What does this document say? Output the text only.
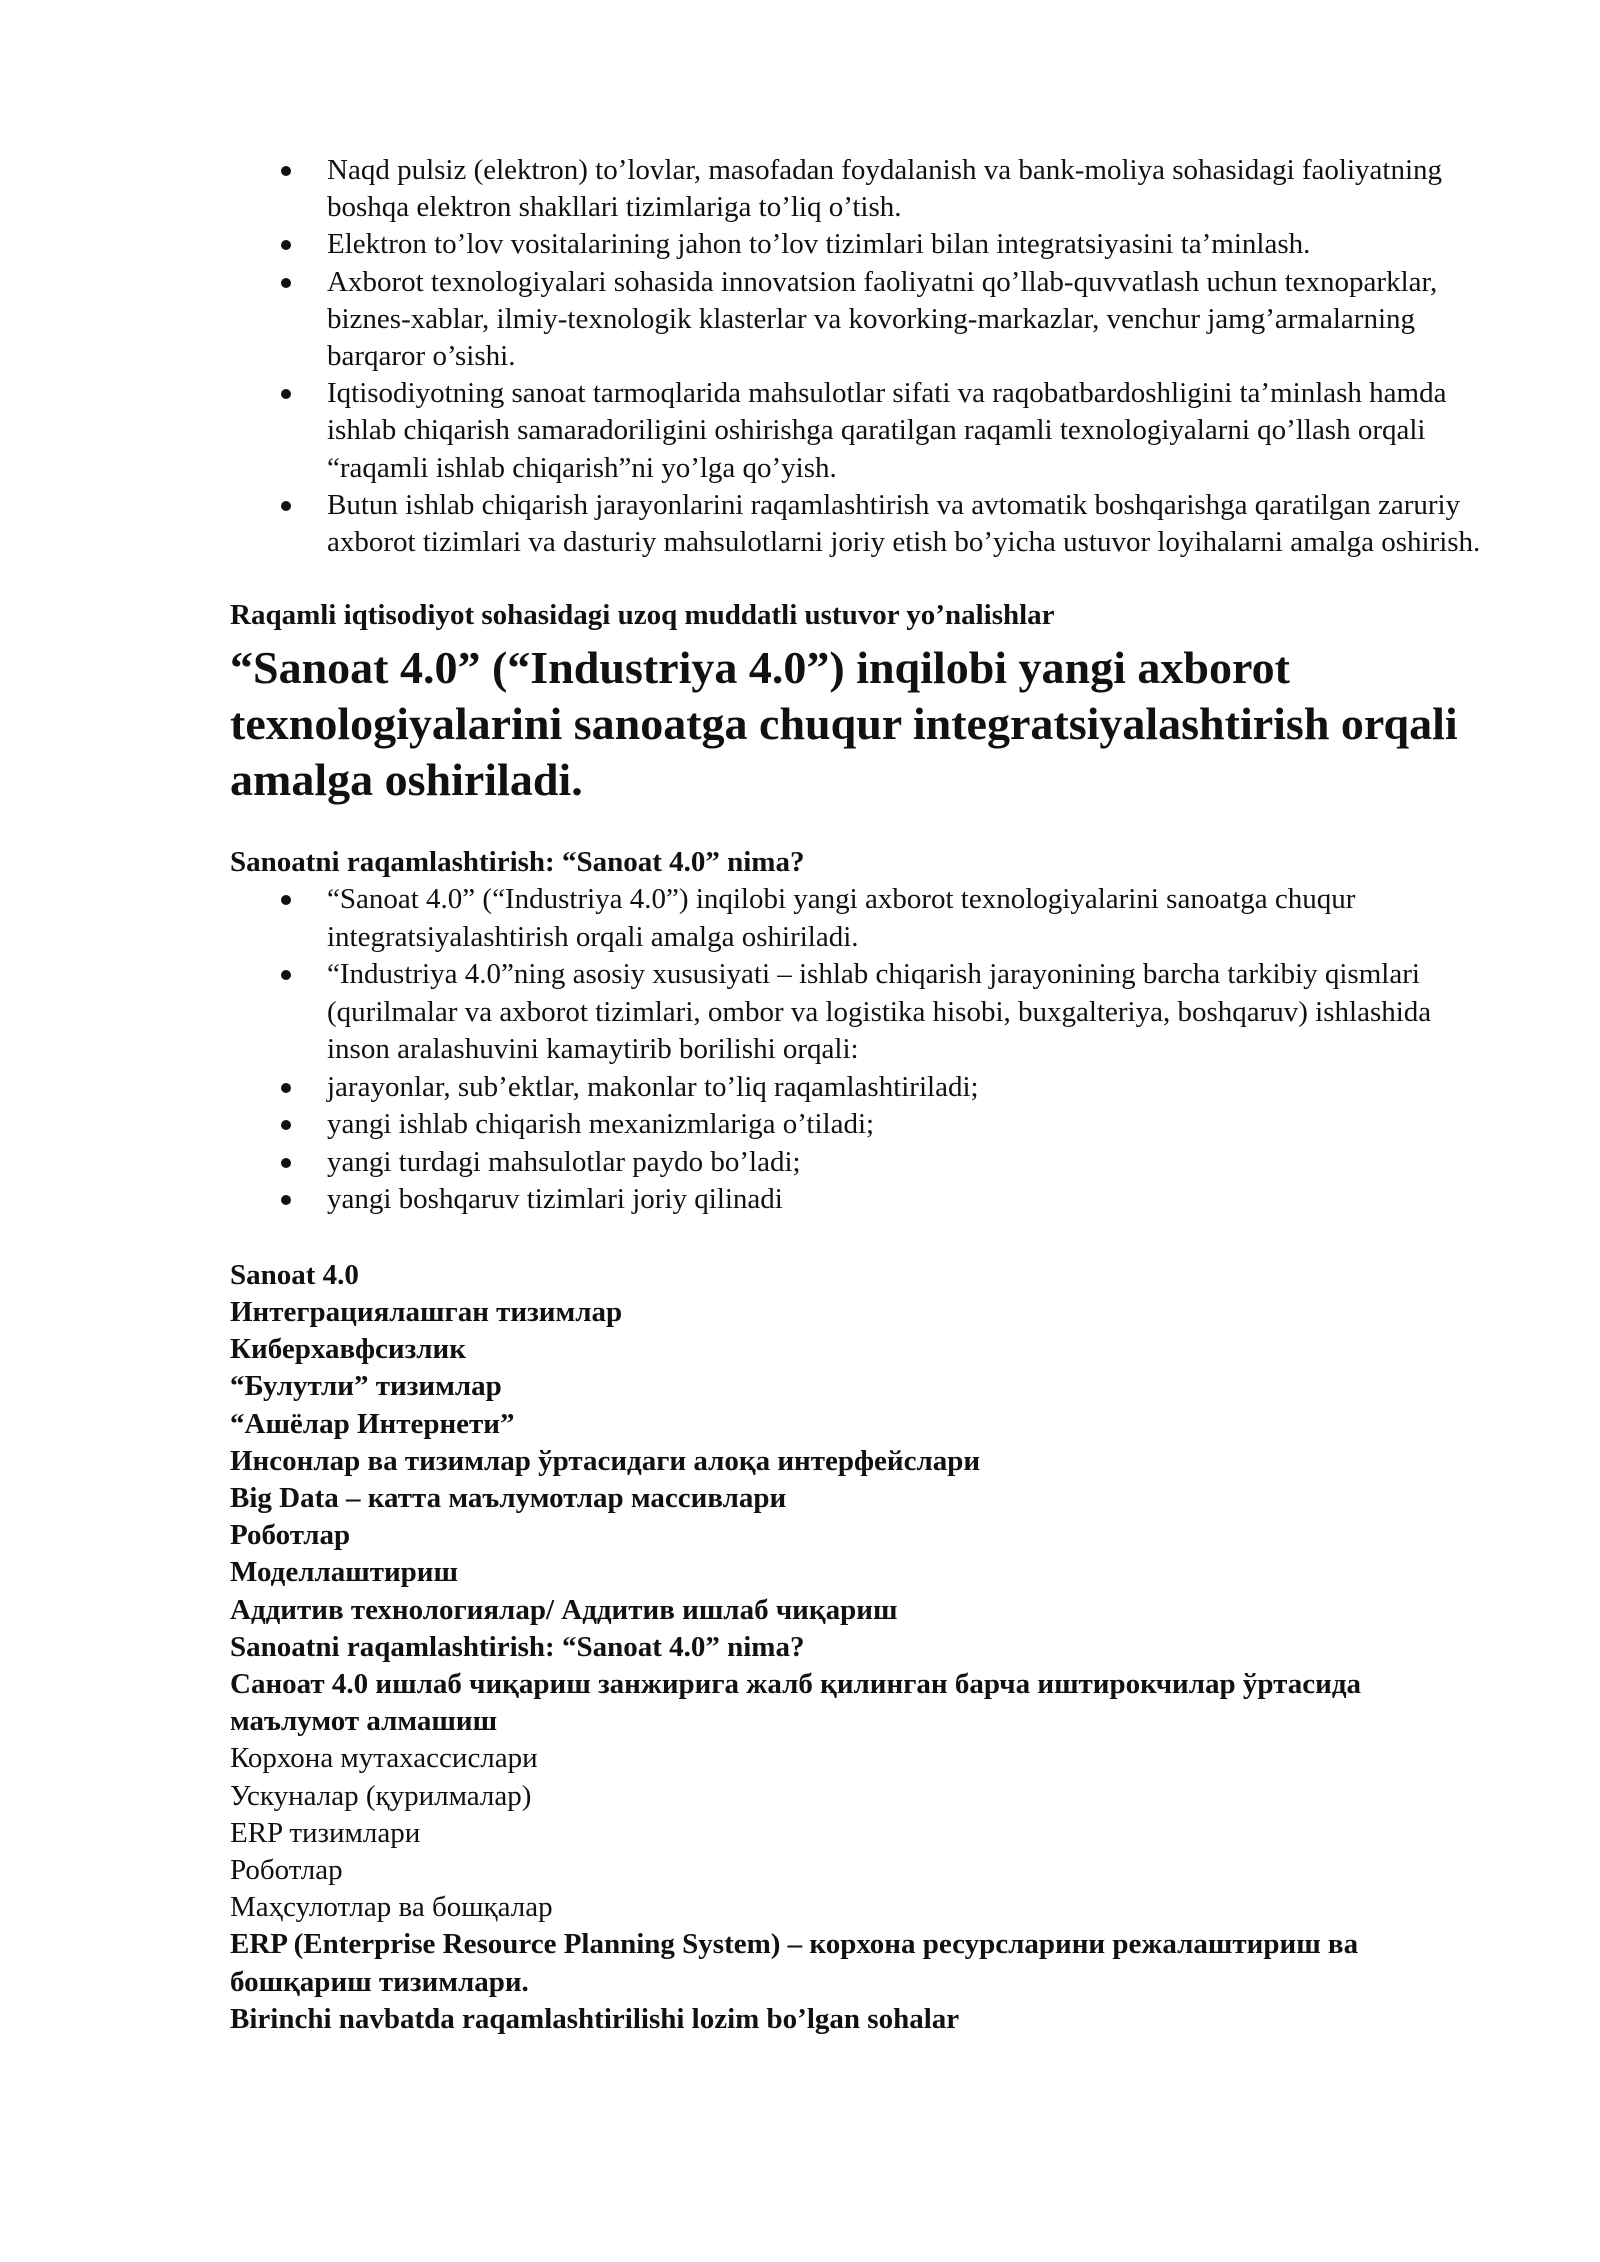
Naqd pulsiz (elektron) to’lovlar, masofadan foydalanish va bank-moliya sohasidagi faoliyatning boshqa elektron shakllari tizimlariga to’liq o’tish.
Elektron to’lov vositalarining jahon to’lov tizimlari bilan integratsiyasini ta’minlash.
Axborot texnologiyalari sohasida innovatsion faoliyatni qo’llab-quvvatlash uchun texnoparklar, biznes-xablar, ilmiy-texnologik klasterlar va kovorking-markazlar, venchur jamg’armalarning barqaror o’sishi.
Iqtisodiyotning sanoat tarmoqlarida mahsulotlar sifati va raqobatbardoshligini ta’minlash hamda ishlab chiqarish samaradoriligini oshirishga qaratilgan raqamli texnologiyalarni qo’llash orqali “raqamli ishlab chiqarish”ni yo’lga qo’yish.
Butun ishlab chiqarish jarayonlarini raqamlashtirish va avtomatik boshqarishga qaratilgan zaruriy axborot tizimlari va dasturiy mahsulotlarni joriy etish bo’yicha ustuvor loyihalarni amalga oshirish.

Raqamli iqtisodiyot sohasidagi uzoq muddatli ustuvor yo’nalishlar

“Sanoat 4.0” (“Industriya 4.0”) inqilobi yangi axborot texnologiyalarini sanoatga chuqur integratsiyalashtirish orqali amalga oshiriladi.

Sanoatni raqamlashtirish: “Sanoat 4.0” nima?

“Sanoat 4.0” (“Industriya 4.0”) inqilobi yangi axborot texnologiyalarini sanoatga chuqur integratsiyalashtirish orqali amalga oshiriladi.
“Industriya 4.0”ning asosiy xususiyati – ishlab chiqarish jarayonining barcha tarkibiy qismlari (qurilmalar va axborot tizimlari, ombor va logistika hisobi, buxgalteriya, boshqaruv) ishlashida inson aralashuvini kamaytirib borilishi orqali:
jarayonlar, sub’ektlar, makonlar to’liq raqamlashtiriladi;
yangi ishlab chiqarish mexanizmlariga o’tiladi;
yangi turdagi mahsulotlar paydo bo’ladi;
yangi boshqaruv tizimlari joriy qilinadi

Sanoat 4.0

Интеграциялашган тизимлар

Киберхавфсизлик

“Булутли” тизимлар

“Ашёлар Интернети”

Инсонлар ва тизимлар ўртасидаги алоқа интерфейслари

Big Data – катта маълумотлар массивлари

Роботлар

Моделлаштириш

Аддитив технологиялар/ Аддитив ишлаб чиқариш

Sanoatni raqamlashtirish: “Sanoat 4.0” nima?

Саноат 4.0 ишлаб чиқариш занжирига жалб қилинган барча иштирокчилар ўртасида маълумот алмашиш

Корхона мутахассислари

Ускуналар (қурилмалар)

ERP тизимлари

Роботлар

Маҳсулотлар ва бошқалар

ERP (Enterprise Resource Planning System) – корхона ресурсларини режалаштириш ва бошқариш тизимлари.

Birinchi navbatda raqamlashtirilishi lozim bo’lgan sohalar
